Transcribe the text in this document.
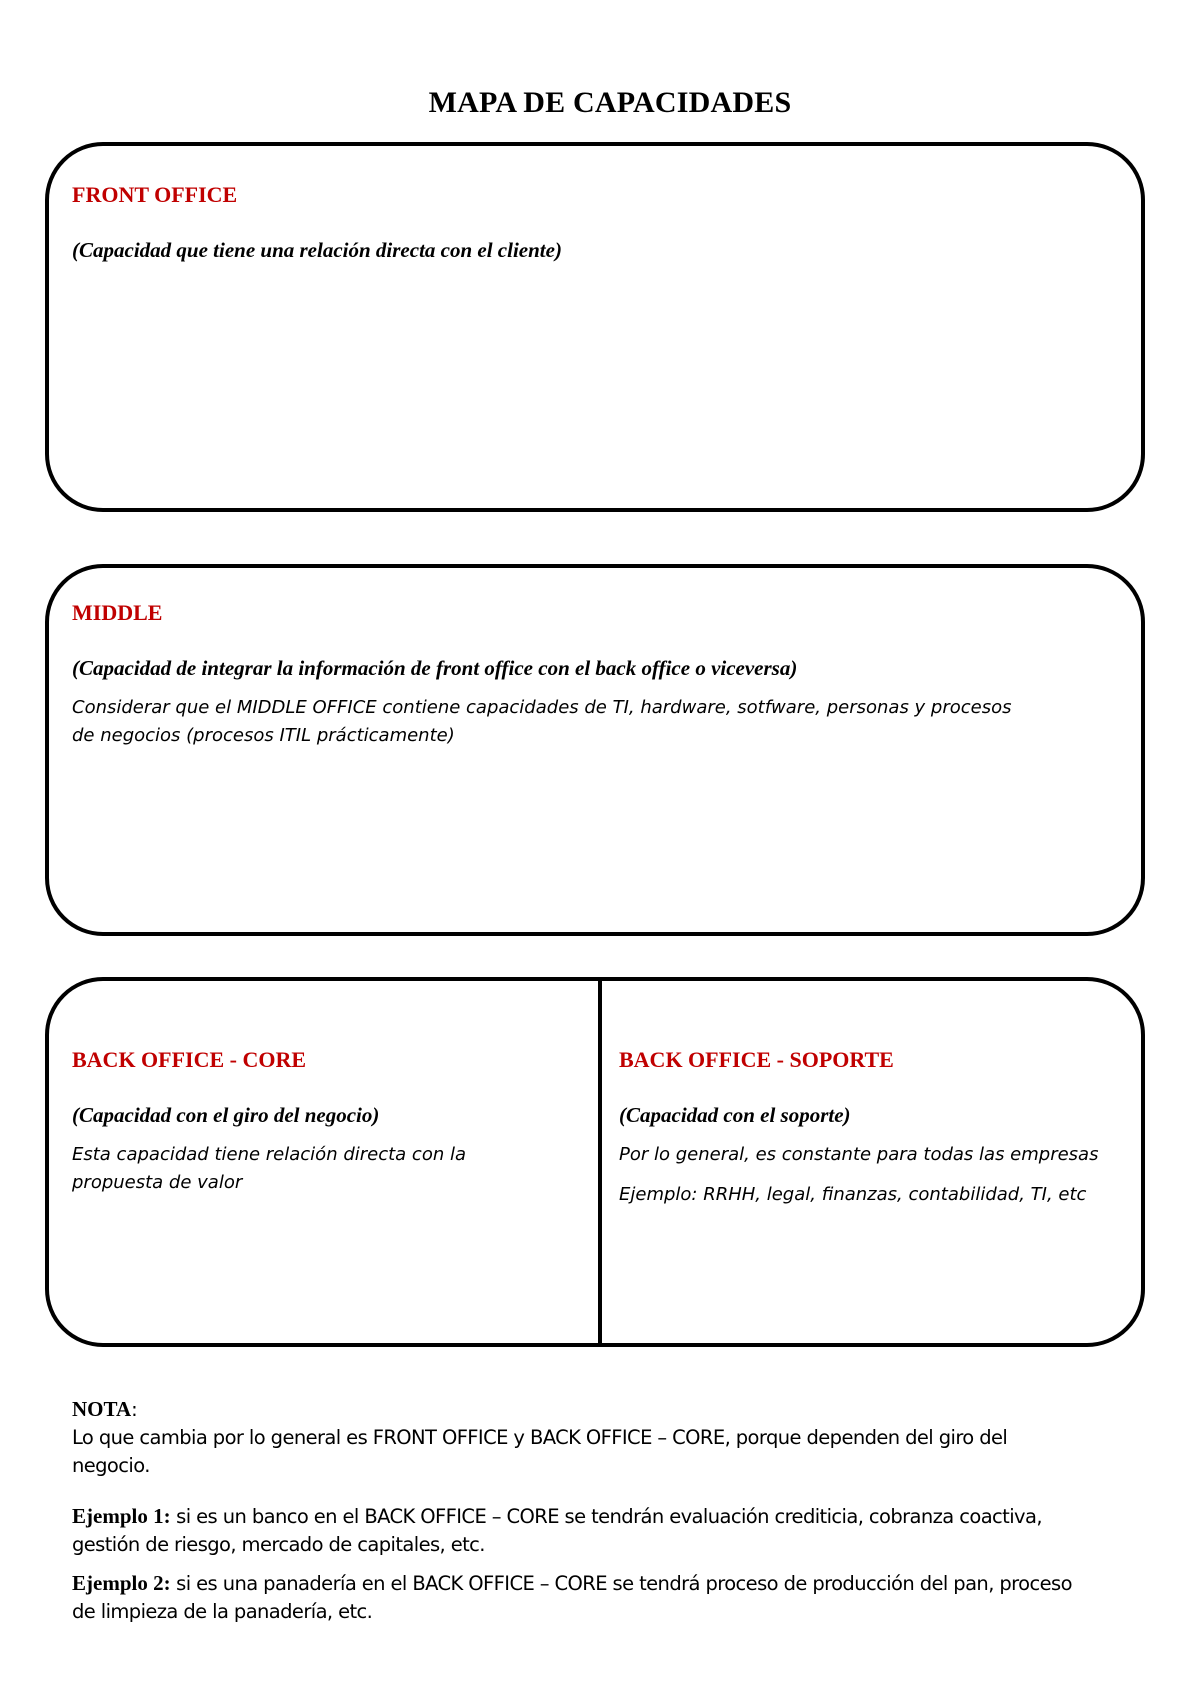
MAPA DE CAPACIDADES
FRONT OFFICE
(Capacidad que tiene una relación directa con el cliente)
MIDDLE
(Capacidad de integrar la información de front office con el back office o viceversa)
Considerar que el MIDDLE OFFICE contiene capacidades de TI, hardware, sotfware, personas y procesos
de negocios (procesos ITIL prácticamente)
BACK OFFICE - CORE
(Capacidad con el giro del negocio)
Esta capacidad tiene relación directa con la
propuesta de valor
BACK OFFICE - SOPORTE
(Capacidad con el soporte)
Por lo general, es constante para todas las empresas
Ejemplo: RRHH, legal, finanzas, contabilidad, TI, etc
NOTA:
Lo que cambia por lo general es FRONT OFFICE y BACK OFFICE – CORE, porque dependen del giro del
negocio.
Ejemplo 1: si es un banco en el BACK OFFICE – CORE se tendrán evaluación crediticia, cobranza coactiva,
gestión de riesgo, mercado de capitales, etc.
Ejemplo 2: si es una panadería en el BACK OFFICE – CORE se tendrá proceso de producción del pan, proceso
de limpieza de la panadería, etc.
